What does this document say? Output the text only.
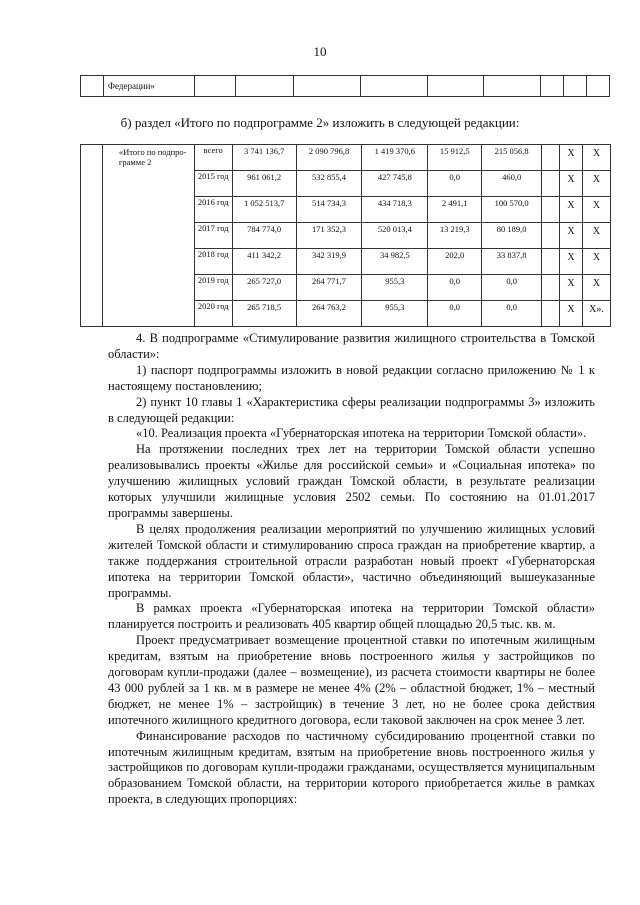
10
	Федерации»									
б) раздел «Итого по подпрограмме 2» изложить в следующей редакции:
	«Итого по подпро-грамме 2	всего	3 741 136,7	2 090 796,8	1 419 370,6	15 912,5	215 056,8		Х	Х
		2015 год	961 061,2	532 855,4	427 745,8	0,0	460,0		Х	Х
		2016 год	1 052 513,7	514 734,3	434 718,3	2 491,1	100 570,0		Х	Х
		2017 год	784 774,0	171 352,3	520 013,4	13 219,3	80 189,0		Х	Х
		2018 год	411 342,2	342 319,9	34 982,5	202,0	33 837,8		Х	Х
		2019 год	265 727,0	264 771,7	955,3	0,0	0,0		Х	Х
		2020 год	265 718,5	264 763,2	955,3	0,0	0,0		Х	Х».

4. В подпрограмме «Стимулирование развития жилищного строительства в Томской области»:

1) паспорт подпрограммы изложить в новой редакции согласно приложению № 1 к настоящему постановлению;

2) пункт 10 главы 1 «Характеристика сферы реализации подпрограммы 3» изложить в следующей редакции:

«10. Реализация проекта «Губернаторская ипотека на территории Томской области».

На протяжении последних трех лет на территории Томской области успешно реализовывались проекты «Жилье для российской семьи» и «Социальная ипотека» по улучшению жилищных условий граждан Томской области, в результате реализации которых улучшили жилищные условия 2502 семьи. По состоянию на 01.01.2017 программы завершены.

В целях продолжения реализации мероприятий по улучшению жилищных условий жителей Томской области и стимулированию спроса граждан на приобретение квартир, а также поддержания строительной отрасли разработан новый проект «Губернаторская ипотека на территории Томской области», частично объединяющий вышеуказанные программы.

В рамках проекта «Губернаторская ипотека на территории Томской области» планируется построить и реализовать 405 квартир общей площадью 20,5 тыс. кв. м.

Проект предусматривает возмещение процентной ставки по ипотечным жилищным кредитам, взятым на приобретение вновь построенного жилья у застройщиков по договорам купли-продажи (далее – возмещение), из расчета стоимости квартиры не более 43 000 рублей за 1 кв. м в размере не менее 4% (2% – областной бюджет, 1% – местный бюджет, не менее 1% – застройщик) в течение 3 лет, но не более срока действия ипотечного жилищного кредитного договора, если таковой заключен на срок менее 3 лет.

Финансирование расходов по частичному субсидированию процентной ставки по ипотечным жилищным кредитам, взятым на приобретение вновь построенного жилья у застройщиков по договорам купли-продажи гражданами, осуществляется муниципальным образованием Томской области, на территории которого приобретается жилье в рамках проекта, в следующих пропорциях:
